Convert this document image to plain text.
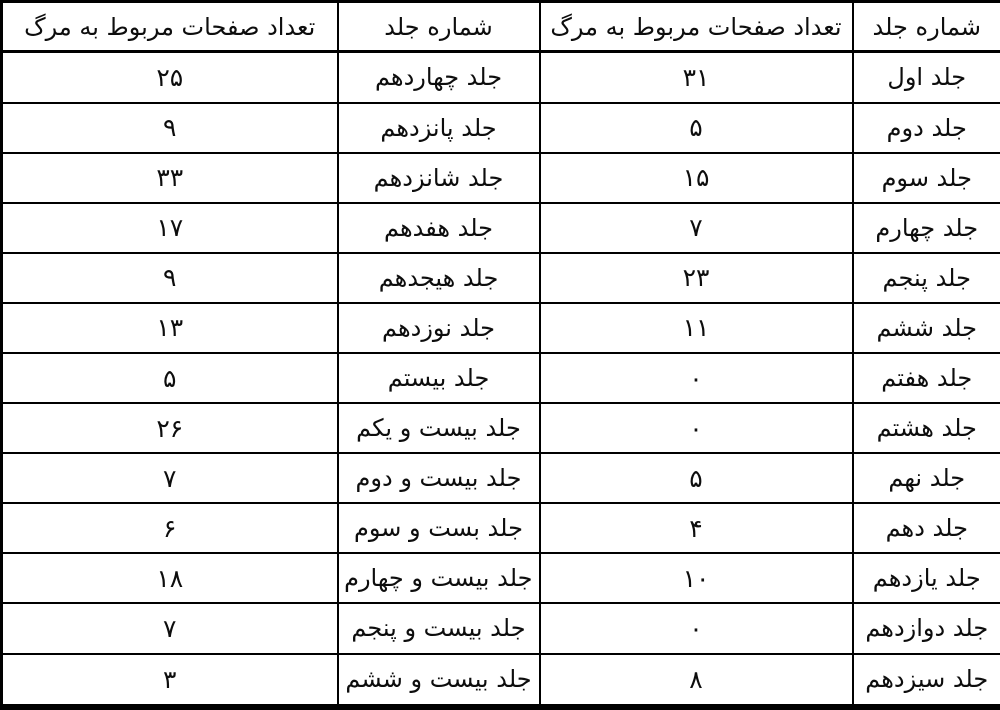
شماره جلد	تعداد صفحات مربوط به مرگ	شماره جلد	تعداد صفحات مربوط به مرگ
جلد اول	۳۱	جلد چهاردهم	۲۵
جلد دوم	۵	جلد پانزدهم	۹
جلد سوم	۱۵	جلد شانزدهم	۳۳
جلد چهارم	۷	جلد هفدهم	۱۷
جلد پنجم	۲۳	جلد هیجدهم	۹
جلد ششم	۱۱	جلد نوزدهم	۱۳
جلد هفتم	۰	جلد بیستم	۵
جلد هشتم	۰	جلد بیست و یکم	۲۶
جلد نهم	۵	جلد بیست و دوم	۷
جلد دهم	۴	جلد بست و سوم	۶
جلد یازدهم	۱۰	جلد بیست و چهارم	۱۸
جلد دوازدهم	۰	جلد بیست و پنجم	۷
جلد سیزدهم	۸	جلد بیست و ششم	۳
